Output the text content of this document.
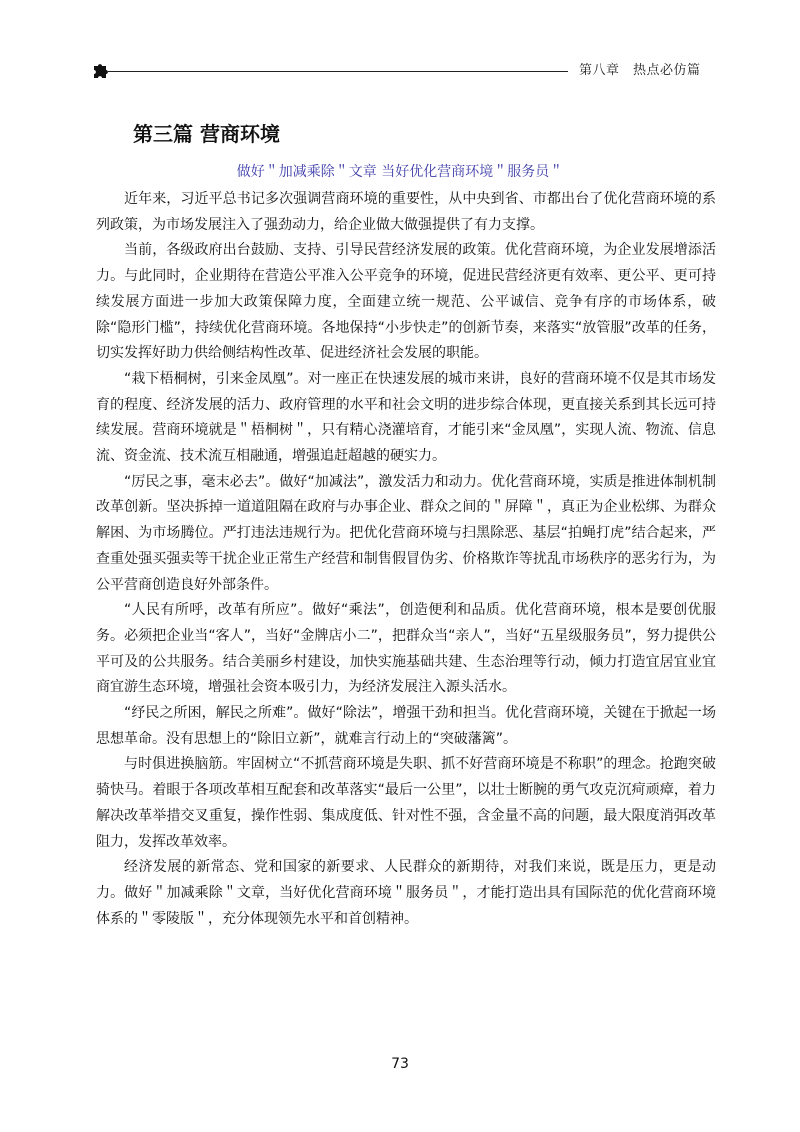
第八章　热点必仿篇
第三篇 营商环境
做好＂加减乘除＂文章 当好优化营商环境＂服务员＂

近年来，习近平总书记多次强调营商环境的重要性，从中央到省、市都出台了优化营商环境的系列政策，为市场发展注入了强劲动力，给企业做大做强提供了有力支撑。

当前，各级政府出台鼓励、支持、引导民营经济发展的政策。优化营商环境，为企业发展增添活力。与此同时，企业期待在营造公平准入公平竞争的环境，促进民营经济更有效率、更公平、更可持续发展方面进一步加大政策保障力度，全面建立统一规范、公平诚信、竞争有序的市场体系，破除“隐形门槛”，持续优化营商环境。各地保持“小步快走”的创新节奏，来落实“放管服”改革的任务，切实发挥好助力供给侧结构性改革、促进经济社会发展的职能。

“栽下梧桐树，引来金凤凰”。对一座正在快速发展的城市来讲，良好的营商环境不仅是其市场发育的程度、经济发展的活力、政府管理的水平和社会文明的进步综合体现，更直接关系到其长远可持续发展。营商环境就是＂梧桐树＂，只有精心浇灌培育，才能引来“金凤凰”，实现人流、物流、信息流、资金流、技术流互相融通，增强追赶超越的硬实力。

“厉民之事，毫末必去”。做好“加减法”，激发活力和动力。优化营商环境，实质是推进体制机制改革创新。坚决拆掉一道道阻隔在政府与办事企业、群众之间的＂屏障＂，真正为企业松绑、为群众解困、为市场腾位。严打违法违规行为。把优化营商环境与扫黑除恶、基层“拍蝇打虎”结合起来，严查重处强买强卖等干扰企业正常生产经营和制售假冒伪劣、价格欺诈等扰乱市场秩序的恶劣行为，为公平营商创造良好外部条件。

“人民有所呼，改革有所应”。做好“乘法”，创造便利和品质。优化营商环境，根本是要创优服务。必须把企业当“客人”，当好“金牌店小二”，把群众当“亲人”，当好“五星级服务员”，努力提供公平可及的公共服务。结合美丽乡村建设，加快实施基础共建、生态治理等行动，倾力打造宜居宜业宜商宜游生态环境，增强社会资本吸引力，为经济发展注入源头活水。

“纾民之所困，解民之所难”。做好“除法”，增强干劲和担当。优化营商环境，关键在于掀起一场思想革命。没有思想上的“除旧立新”，就难言行动上的“突破藩篱”。

与时俱进换脑筋。牢固树立“不抓营商环境是失职、抓不好营商环境是不称职”的理念。抢跑突破骑快马。着眼于各项改革相互配套和改革落实“最后一公里”，以壮士断腕的勇气攻克沉疴顽瘴，着力解决改革举措交叉重复，操作性弱、集成度低、针对性不强，含金量不高的问题，最大限度消弭改革阻力，发挥改革效率。

经济发展的新常态、党和国家的新要求、人民群众的新期待，对我们来说，既是压力，更是动力。做好＂加减乘除＂文章，当好优化营商环境＂服务员＂，才能打造出具有国际范的优化营商环境体系的＂零陵版＂，充分体现领先水平和首创精神。

73
